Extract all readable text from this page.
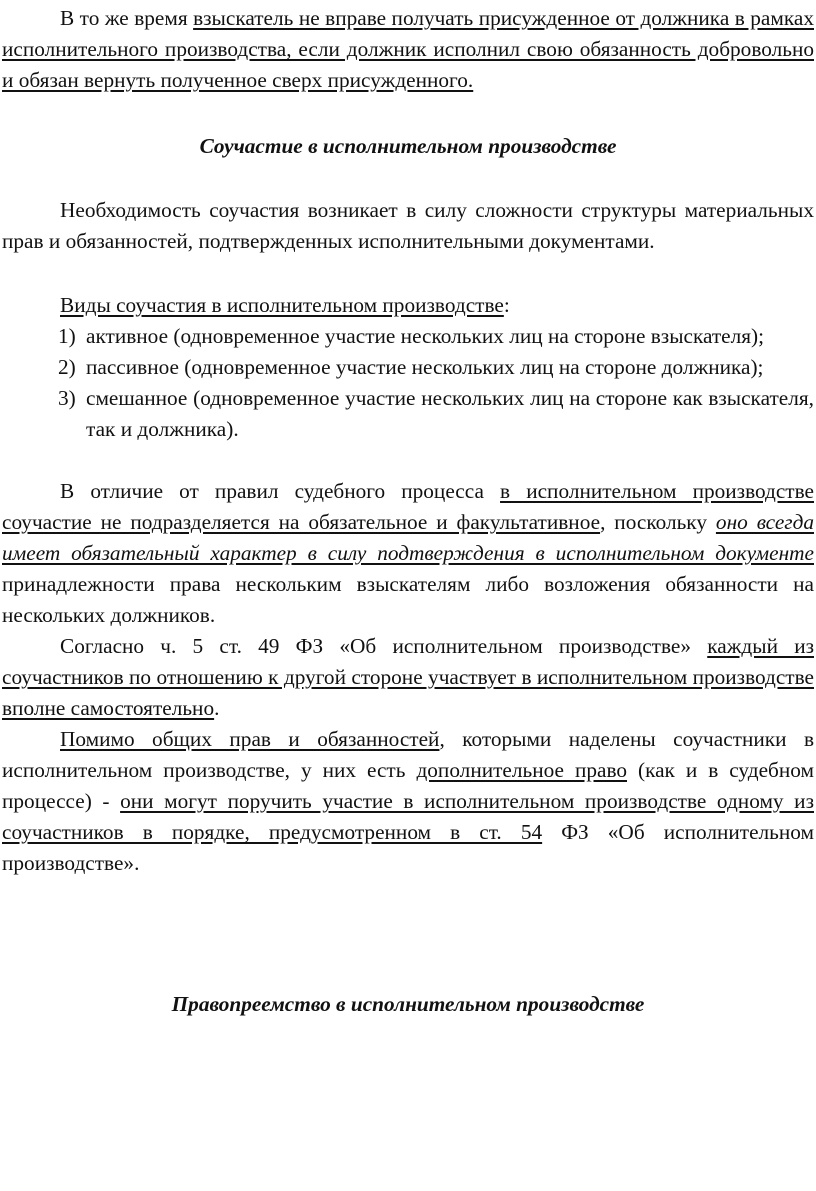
В то же время взыскатель не вправе получать присужденное от должника в рамках исполнительного производства, если должник исполнил свою обязанность добровольно и обязан вернуть полученное сверх присужденного.

Соучастие в исполнительном производстве

Необходимость соучастия возникает в силу сложности структуры материальных прав и обязанностей, подтвержденных исполнительными документами.

Виды соучастия в исполнительном производстве:

1) активное (одновременное участие нескольких лиц на стороне взыскателя);
2) пассивное (одновременное участие нескольких лиц на стороне должника);
3) смешанное (одновременное участие нескольких лиц на стороне как взыскателя, так и должника).

В отличие от правил судебного процесса в исполнительном производстве соучастие не подразделяется на обязательное и факультативное, поскольку оно всегда имеет обязательный характер в силу подтверждения в исполнительном документе принадлежности права нескольким взыскателям либо возложения обязанности на нескольких должников.

Согласно ч. 5 ст. 49 ФЗ «Об исполнительном производстве» каждый из соучастников по отношению к другой стороне участвует в исполнительном производстве вполне самостоятельно.

Помимо общих прав и обязанностей, которыми наделены соучастники в исполнительном производстве, у них есть дополнительное право (как и в судебном процессе) - они могут поручить участие в исполнительном производстве одному из соучастников в порядке, предусмотренном в ст. 54 ФЗ «Об исполнительном производстве».

Правопреемство в исполнительном производстве
